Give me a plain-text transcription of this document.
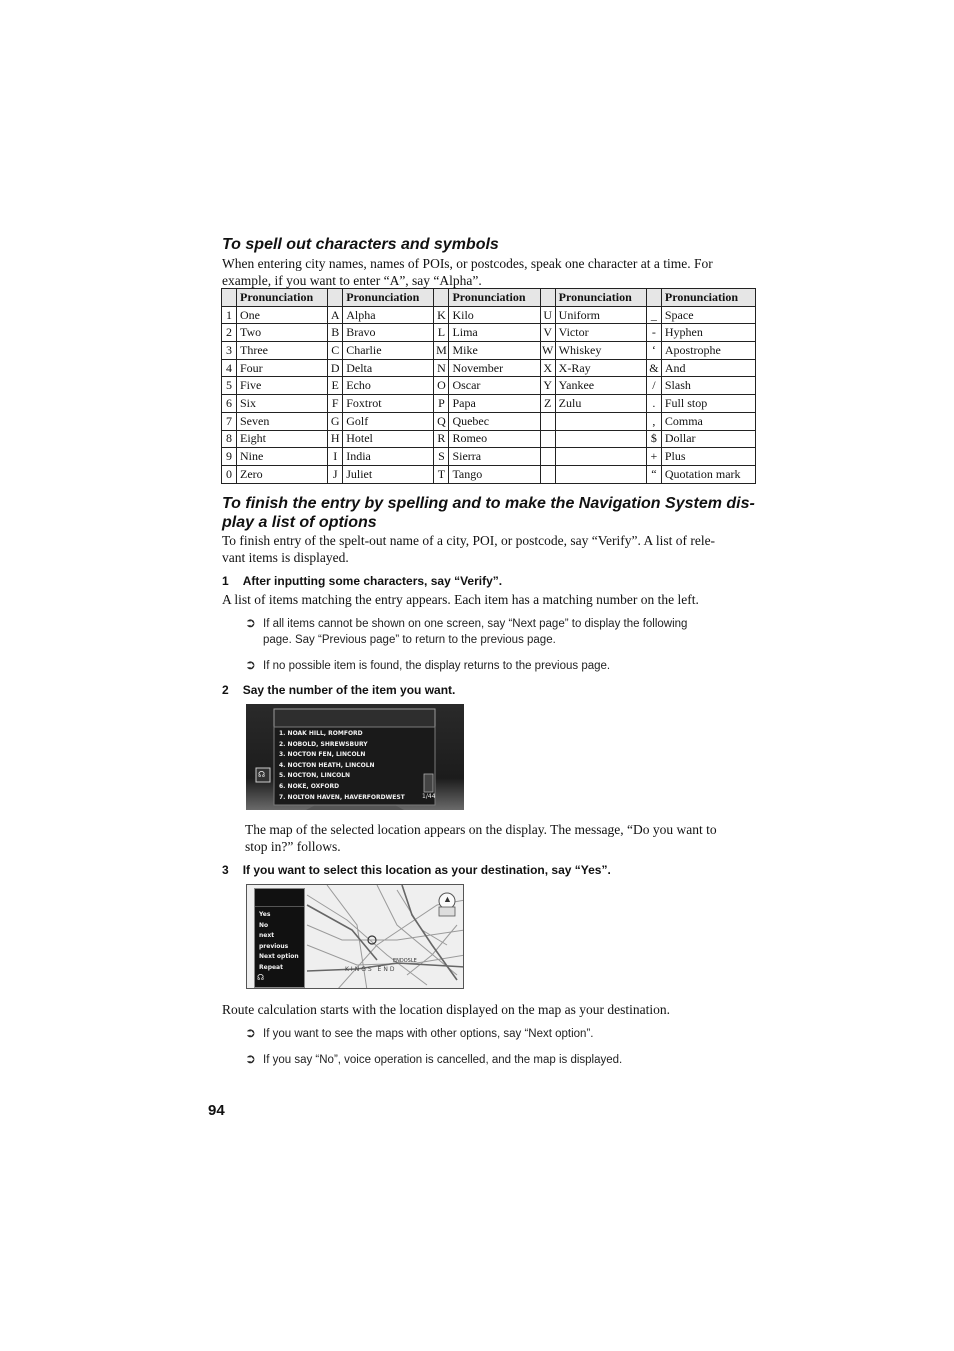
To spell out characters and symbols

When entering city names, names of POIs, or postcodes, speak one character at a time. For example, if you want to enter “A”, say “Alpha”.

	Pronunciation		Pronunciation		Pronunciation		Pronunciation		Pronunciation
1	One	A	Alpha	K	Kilo	U	Uniform	_	Space
2	Two	B	Bravo	L	Lima	V	Victor	-	Hyphen
3	Three	C	Charlie	M	Mike	W	Whiskey	‘	Apostrophe
4	Four	D	Delta	N	November	X	X-Ray	&	And
5	Five	E	Echo	O	Oscar	Y	Yankee	/	Slash
6	Six	F	Foxtrot	P	Papa	Z	Zulu	.	Full stop
7	Seven	G	Golf	Q	Quebec			,	Comma
8	Eight	H	Hotel	R	Romeo			$	Dollar
9	Nine	I	India	S	Sierra			+	Plus
0	Zero	J	Juliet	T	Tango			“	Quotation mark
To finish the entry by spelling and to make the Navigation System dis-
play a list of options

To finish entry of the spelt-out name of a city, POI, or postcode, say “Verify”. A list of rele-
vant items is displayed.

1 After inputting some characters, say “Verify”.

A list of items matching the entry appears. Each item has a matching number on the left.

➲ If all items cannot be shown on one screen, say “Next page” to display the following
page. Say “Previous page” to return to the previous page.
➲ If no possible item is found, the display returns to the previous page.
2 Say the number of the item you want.
☊
1. NOAK HILL, ROMFORD
2. NOBOLD, SHREWSBURY
3. NOCTON FEN, LINCOLN
4. NOCTON HEATH, LINCOLN
5. NOCTON, LINCOLN
6. NOKE, OXFORD
7. NOLTON HAVEN, HAVERFORDWEST	1/44

The map of the selected location appears on the display. The message, “Do you want to
stop in?” follows.

3 If you want to select this location as your destination, say “Yes”.
KINGS END
ENDOSLE
▲
Yes
No
next
previous
Next option
Repeat
☊

Route calculation starts with the location displayed on the map as your destination.

➲ If you want to see the maps with other options, say “Next option”.
➲ If you say “No”, voice operation is cancelled, and the map is displayed.
94
